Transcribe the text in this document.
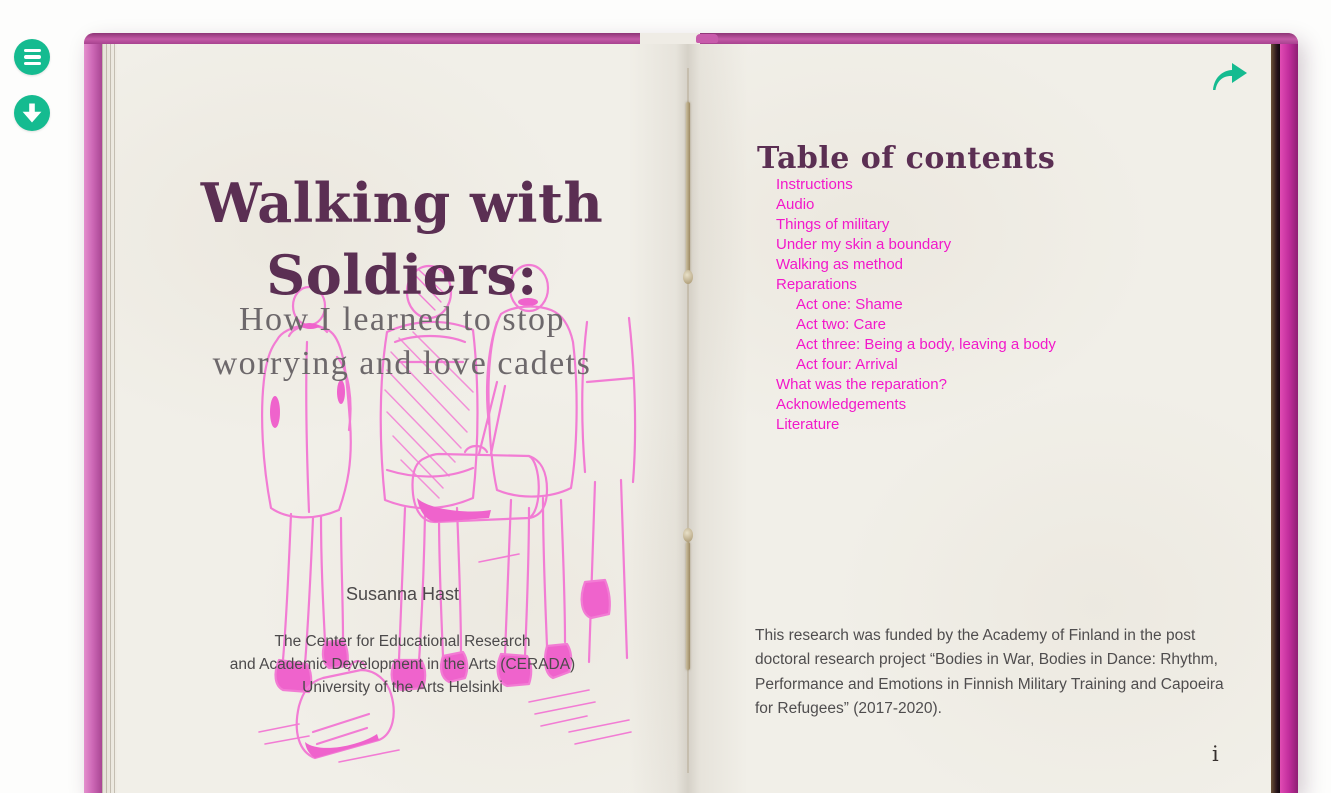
Walking with Soldiers:
How I learned to stop worrying and love cadets
Susanna Hast
The Center for Educational Research
and Academic Development in the Arts (CERADA)
University of the Arts Helsinki
Table of contents
Instructions
Audio
Things of military
Under my skin a boundary
Walking as method
Reparations
Act one: Shame
Act two: Care
Act three: Being a body, leaving a body
Act four: Arrival
What was the reparation?
Acknowledgements
Literature

This research was funded by the Academy of Finland in the post doctoral research project “Bodies in War, Bodies in Dance: Rhythm, Performance and Emotions in Finnish Military Training and Capoeira for Refugees” (2017-2020).

i
